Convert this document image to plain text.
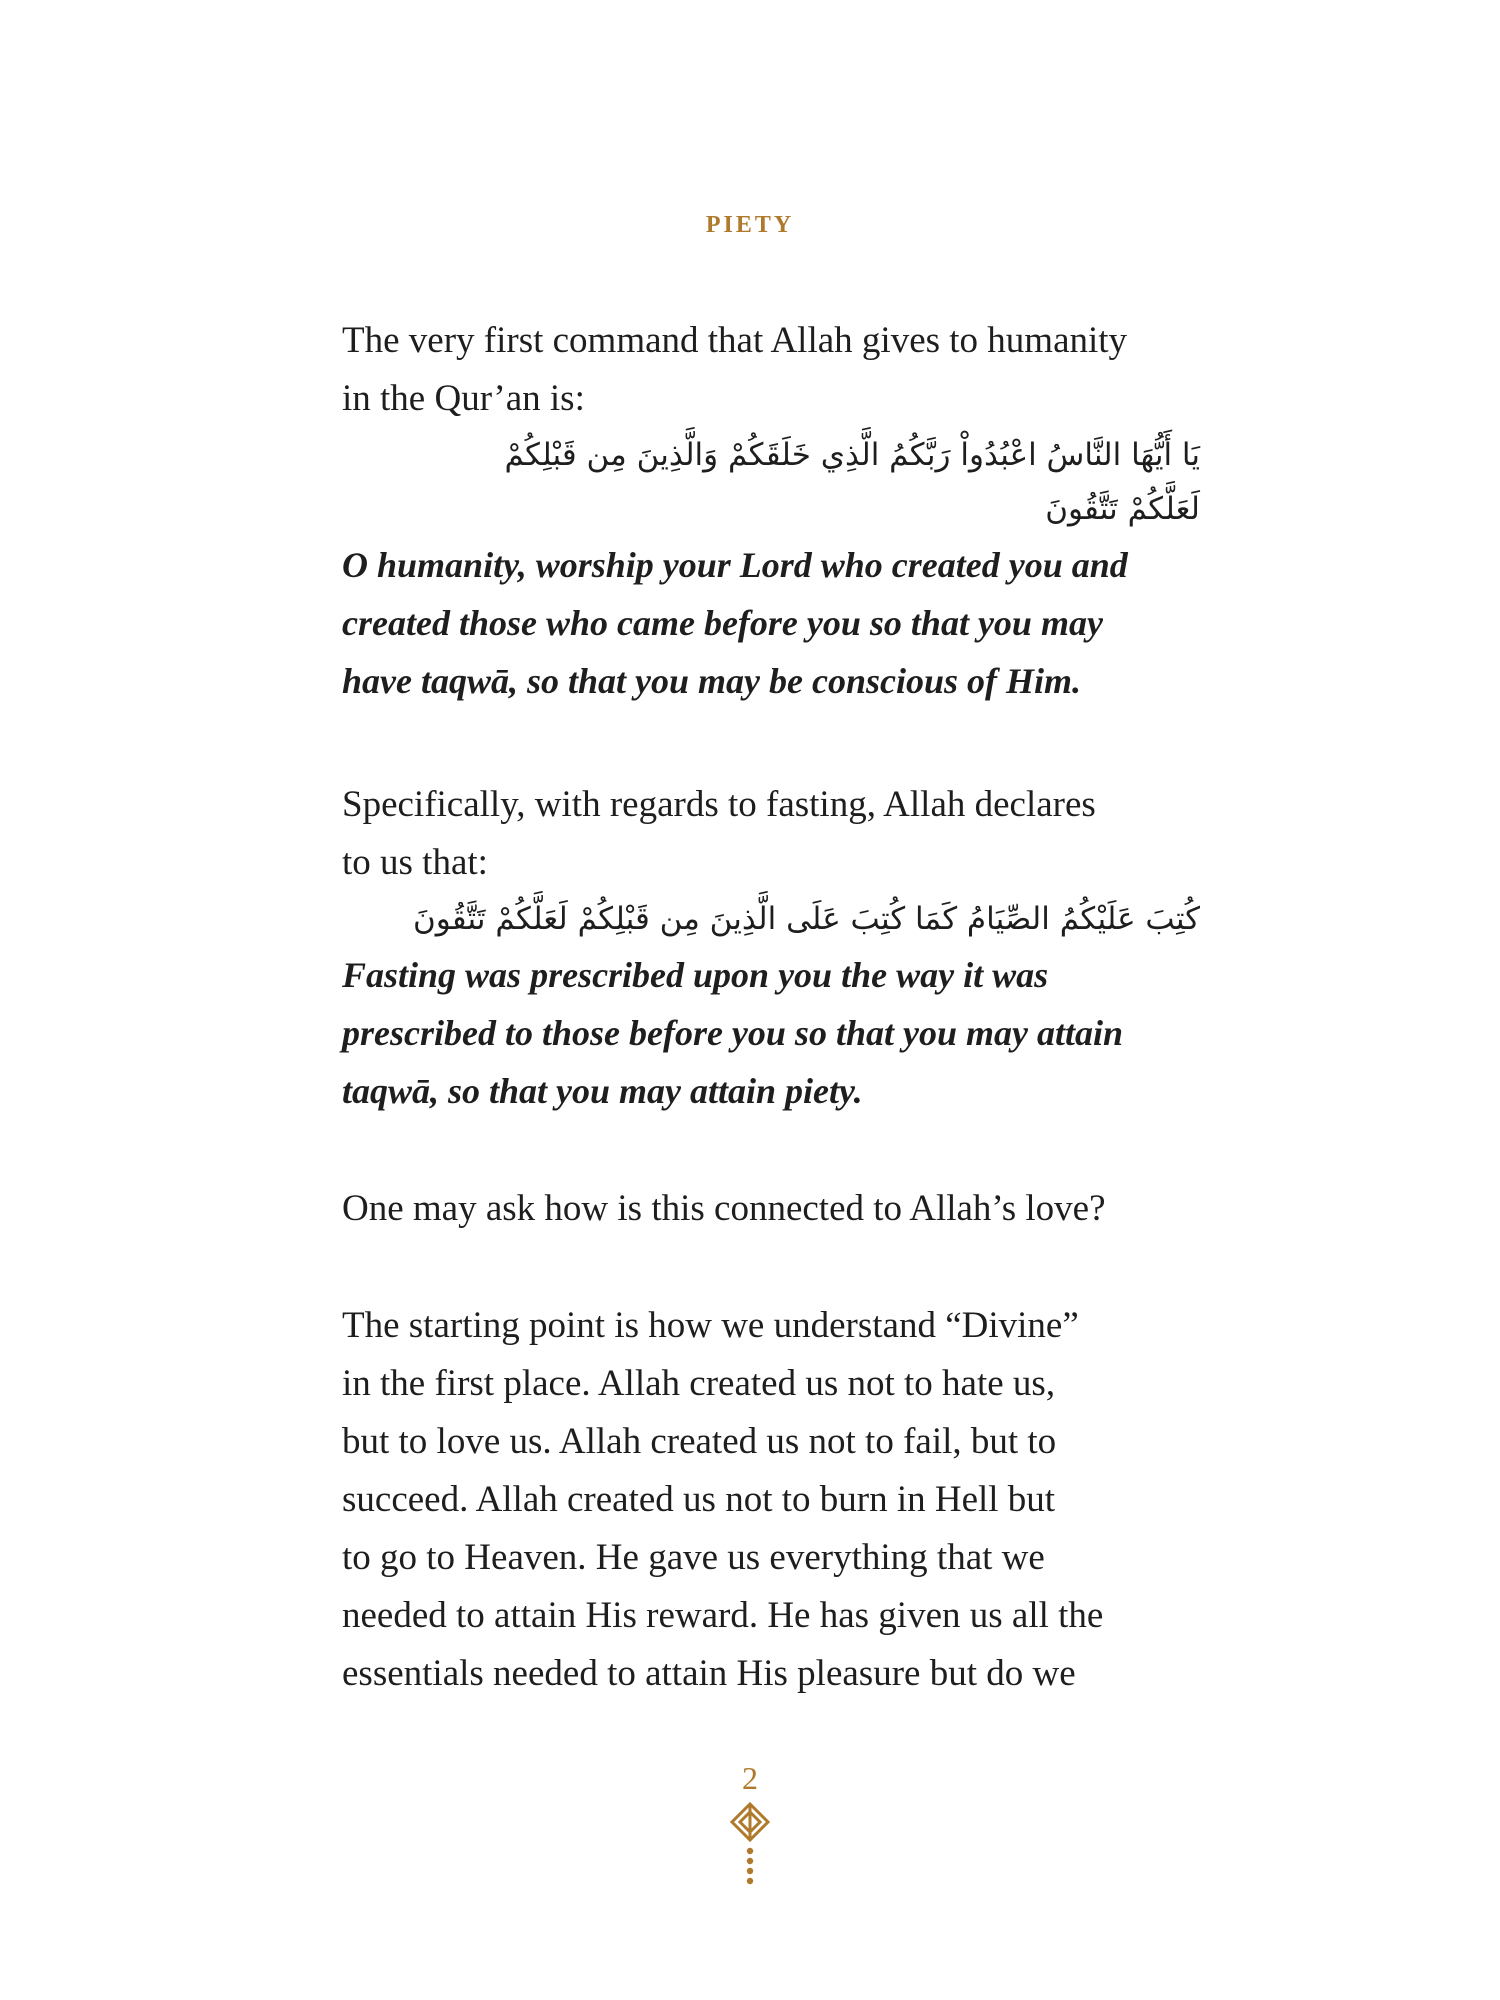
PIETY

The very first command that Allah gives to humanity
in the Qur’an is:

يَا أَيُّهَا النَّاسُ اعْبُدُواْ رَبَّكُمُ الَّذِي خَلَقَكُمْ وَالَّذِينَ مِن قَبْلِكُمْ
لَعَلَّكُمْ تَتَّقُونَ

O humanity, worship your Lord who created you and
created those who came before you so that you may
have taqwā, so that you may be conscious of Him.

Specifically, with regards to fasting, Allah declares
to us that:

كُتِبَ عَلَيْكُمُ الصِّيَامُ كَمَا كُتِبَ عَلَى الَّذِينَ مِن قَبْلِكُمْ لَعَلَّكُمْ تَتَّقُونَ

Fasting was prescribed upon you the way it was
prescribed to those before you so that you may attain
taqwā, so that you may attain piety.

One may ask how is this connected to Allah’s love?

The starting point is how we understand “Divine”
in the first place. Allah created us not to hate us,
but to love us. Allah created us not to fail, but to
succeed. Allah created us not to burn in Hell but
to go to Heaven. He gave us everything that we
needed to attain His reward. He has given us all the
essentials needed to attain His pleasure but do we

2
